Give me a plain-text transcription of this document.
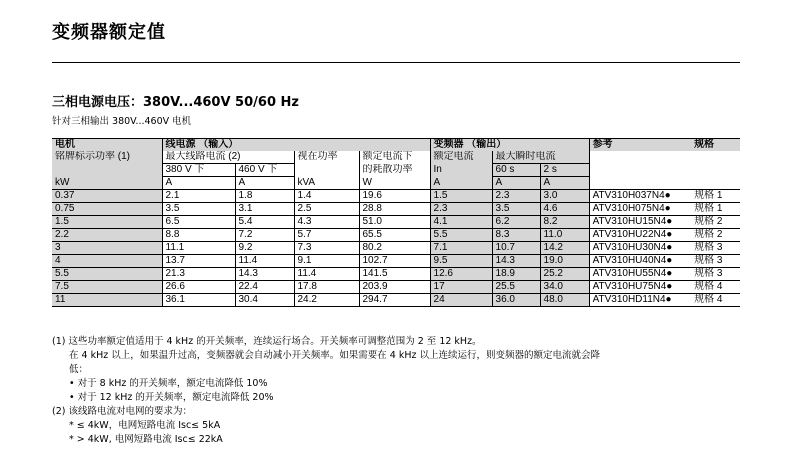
变频器额定值
三相电源电压：380V...460V 50/60 Hz
针对三相输出 380V...460V 电机
电机	线电源 （输入）				变频器 （输出）			参考	规格
铭牌标示功率 (1)	最大线路电流 (2)		视在功率	额定电流下	额定电流	最大瞬时电流			
	380 V 下	460 V 下		的耗散功率	In	60 s	2 s		
kW	A	A	kVA	W	A	A	A		
0.37	2.1	1.8	1.4	19.6	1.5	2.3	3.0	ATV310H037N4●	规格 1
0.75	3.5	3.1	2.5	28.8	2.3	3.5	4.6	ATV310H075N4●	规格 1
1.5	6.5	5.4	4.3	51.0	4.1	6.2	8.2	ATV310HU15N4●	规格 2
2.2	8.8	7.2	5.7	65.5	5.5	8.3	11.0	ATV310HU22N4●	规格 2
3	11.1	9.2	7.3	80.2	7.1	10.7	14.2	ATV310HU30N4●	规格 3
4	13.7	11.4	9.1	102.7	9.5	14.3	19.0	ATV310HU40N4●	规格 3
5.5	21.3	14.3	11.4	141.5	12.6	18.9	25.2	ATV310HU55N4●	规格 3
7.5	26.6	22.4	17.8	203.9	17	25.5	34.0	ATV310HU75N4●	规格 4
11	36.1	30.4	24.2	294.7	24	36.0	48.0	ATV310HD11N4●	规格 4
(1) 这些功率额定值适用于 4 kHz 的开关频率，连续运行场合。开关频率可调整范围为 2 至 12 kHz。
在 4 kHz 以上，如果温升过高，变频器就会自动减小开关频率。如果需要在 4 kHz 以上连续运行，则变频器的额定电流就会降
低：
• 对于 8 kHz 的开关频率，额定电流降低 10%
• 对于 12 kHz 的开关频率，额定电流降低 20%
(2) 该线路电流对电网的要求为：
* ≤ 4kW，电网短路电流 Isc≤ 5kA
* > 4kW, 电网短路电流 Isc≤ 22kA
